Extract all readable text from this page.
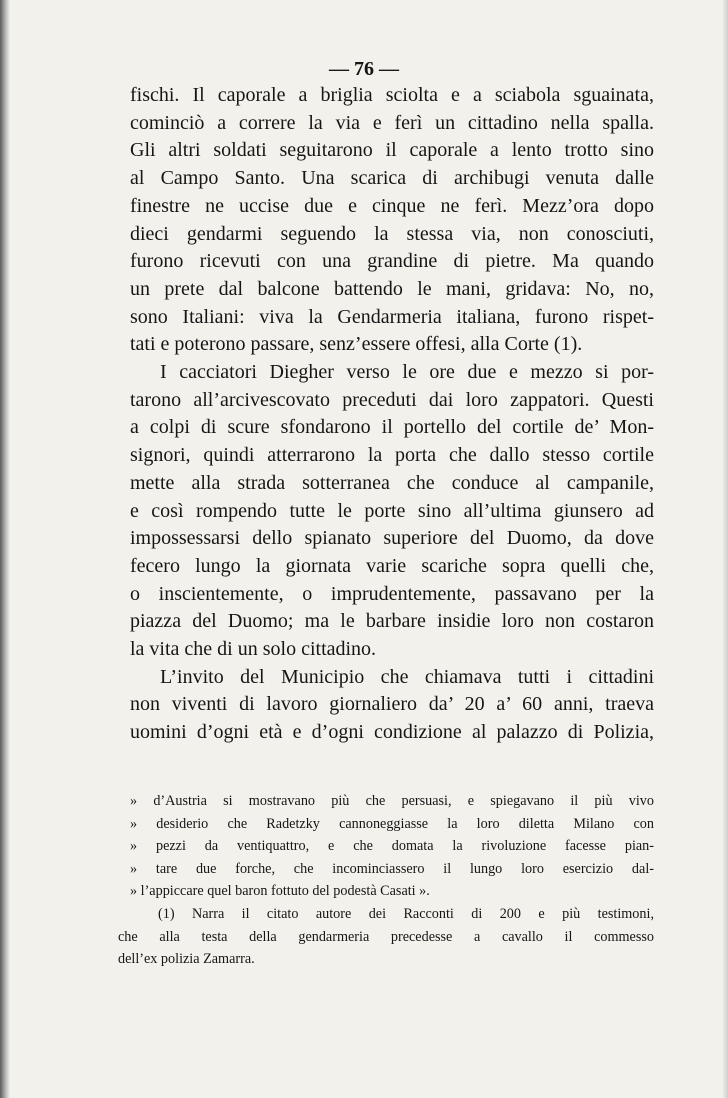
— 76 —
fischi. Il caporale a briglia sciolta e a sciabola sguainata,
cominciò a correre la via e ferì un cittadino nella spalla.
Gli altri soldati seguitarono il caporale a lento trotto sino
al Campo Santo. Una scarica di archibugi venuta dalle
finestre ne uccise due e cinque ne ferì. Mezz’ora dopo
dieci gendarmi seguendo la stessa via, non conosciuti,
furono ricevuti con una grandine di pietre. Ma quando
un prete dal balcone battendo le mani, gridava: No, no,
sono Italiani: viva la Gendarmeria italiana, furono rispet-
tati e poterono passare, senz’essere offesi, alla Corte (1).
I cacciatori Diegher verso le ore due e mezzo si por-
tarono all’arcivescovato preceduti dai loro zappatori. Questi
a colpi di scure sfondarono il portello del cortile de’ Mon-
signori, quindi atterrarono la porta che dallo stesso cortile
mette alla strada sotterranea che conduce al campanile,
e così rompendo tutte le porte sino all’ultima giunsero ad
impossessarsi dello spianato superiore del Duomo, da dove
fecero lungo la giornata varie scariche sopra quelli che,
o inscientemente, o imprudentemente, passavano per la
piazza del Duomo; ma le barbare insidie loro non costaron
la vita che di un solo cittadino.
L’invito del Municipio che chiamava tutti i cittadini
non viventi di lavoro giornaliero da’ 20 a’ 60 anni, traeva
uomini d’ogni età e d’ogni condizione al palazzo di Polizia,
» d’Austria si mostravano più che persuasi, e spiegavano il più vivo
» desiderio che Radetzky cannoneggiasse la loro diletta Milano con
» pezzi da ventiquattro, e che domata la rivoluzione facesse pian-
» tare due forche, che incominciassero il lungo loro esercizio dal-
» l’appiccare quel baron fottuto del podestà Casati ».
(1) Narra il citato autore dei Racconti di 200 e più testimoni,
che alla testa della gendarmeria precedesse a cavallo il commesso
dell’ex polizia Zamarra.
